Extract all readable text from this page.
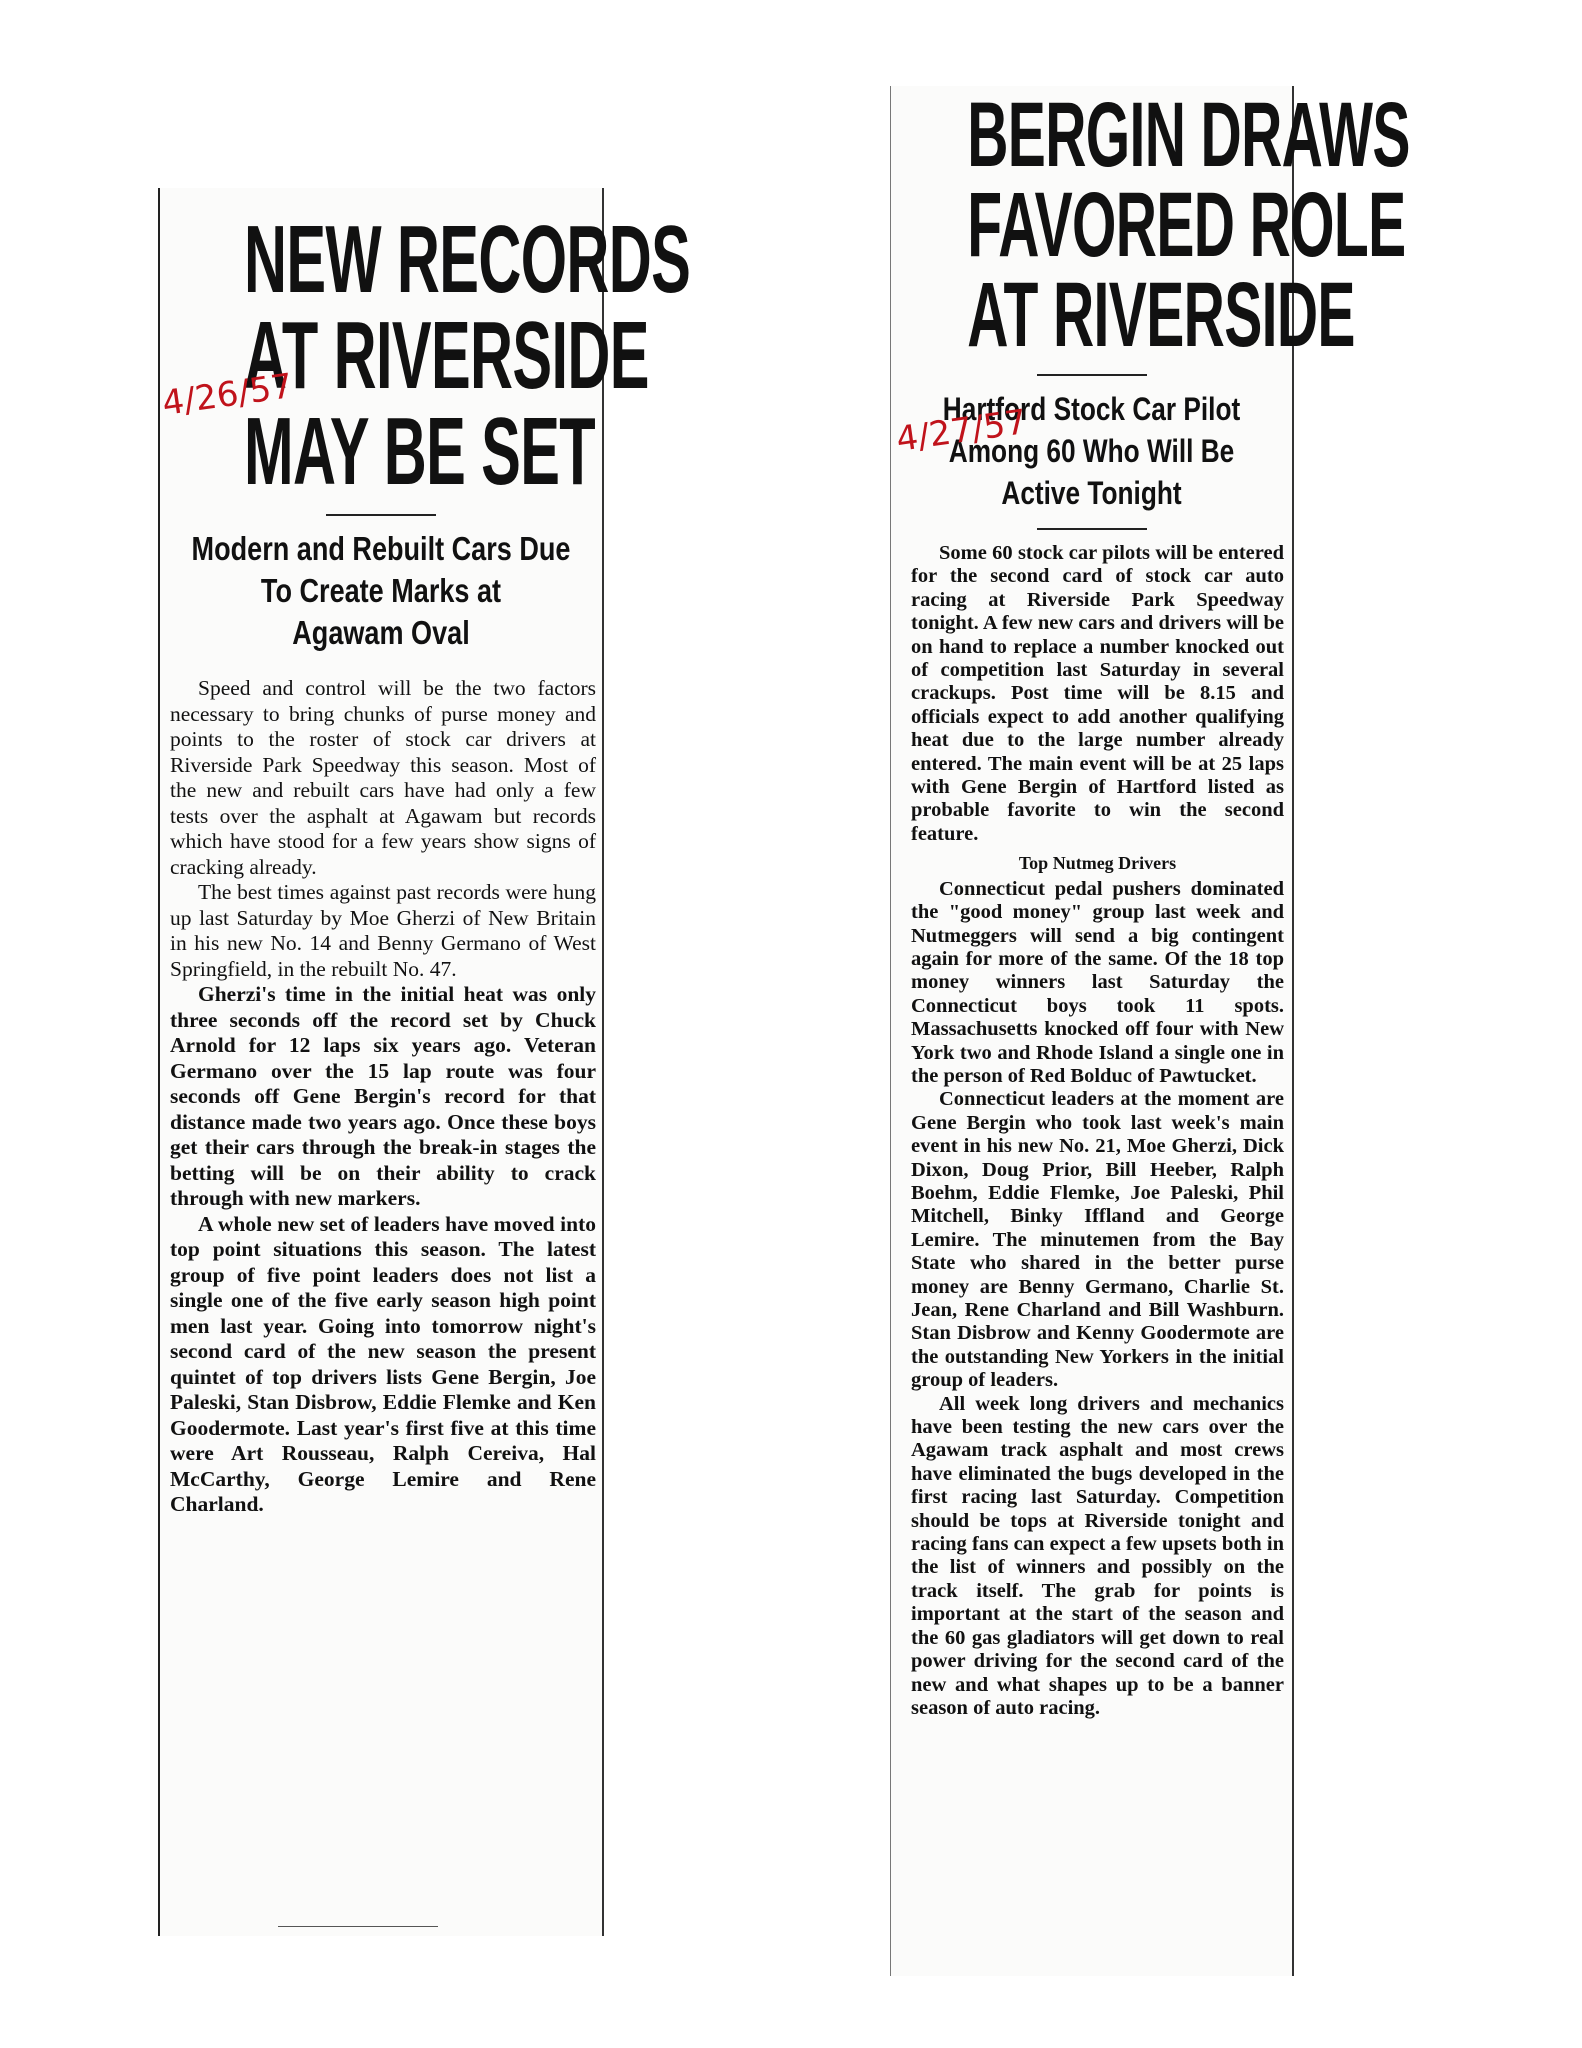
NEW RECORDS
AT RIVERSIDE
MAY BE SET
Modern and Rebuilt Cars Due
To Create Marks at
Agawam Oval

Speed and control will be the two factors necessary to bring chunks of purse money and points to the roster of stock car drivers at Riverside Park Speedway this season. Most of the new and rebuilt cars have had only a few tests over the asphalt at Agawam but records which have stood for a few years show signs of cracking already.

The best times against past records were hung up last Saturday by Moe Gherzi of New Britain in his new No. 14 and Benny Germano of West Springfield, in the rebuilt No. 47.

Gherzi's time in the initial heat was only three seconds off the record set by Chuck Arnold for 12 laps six years ago. Veteran Germano over the 15 lap route was four seconds off Gene Bergin's record for that distance made two years ago. Once these boys get their cars through the break-in stages the betting will be on their ability to crack through with new markers.

A whole new set of leaders have moved into top point situations this season. The latest group of five point leaders does not list a single one of the five early season high point men last year. Going into tomorrow night's second card of the new season the present quintet of top drivers lists Gene Bergin, Joe Paleski, Stan Disbrow, Eddie Flemke and Ken Goodermote. Last year's first five at this time were Art Rousseau, Ralph Cereiva, Hal McCarthy, George Lemire and Rene Charland.

4/26/57
BERGIN DRAWS
FAVORED ROLE
AT RIVERSIDE
Hartford Stock Car Pilot
Among 60 Who Will Be
Active Tonight

Some 60 stock car pilots will be entered for the second card of stock car auto racing at Riverside Park Speedway tonight. A few new cars and drivers will be on hand to replace a number knocked out of competition last Saturday in several crackups. Post time will be 8.15 and officials expect to add another qualifying heat due to the large number already entered. The main event will be at 25 laps with Gene Bergin of Hartford listed as probable favorite to win the second feature.

Top Nutmeg Drivers

Connecticut pedal pushers dominated the "good money" group last week and Nutmeggers will send a big contingent again for more of the same. Of the 18 top money winners last Saturday the Connecticut boys took 11 spots. Massachusetts knocked off four with New York two and Rhode Island a single one in the person of Red Bolduc of Pawtucket.

Connecticut leaders at the moment are Gene Bergin who took last week's main event in his new No. 21, Moe Gherzi, Dick Dixon, Doug Prior, Bill Heeber, Ralph Boehm, Eddie Flemke, Joe Paleski, Phil Mitchell, Binky Iffland and George Lemire. The minutemen from the Bay State who shared in the better purse money are Benny Germano, Charlie St. Jean, Rene Charland and Bill Washburn. Stan Disbrow and Kenny Goodermote are the outstanding New Yorkers in the initial group of leaders.

All week long drivers and mechanics have been testing the new cars over the Agawam track asphalt and most crews have eliminated the bugs developed in the first racing last Saturday. Competition should be tops at Riverside tonight and racing fans can expect a few upsets both in the list of winners and possibly on the track itself. The grab for points is important at the start of the season and the 60 gas gladiators will get down to real power driving for the second card of the new and what shapes up to be a banner season of auto racing.

4/27/57
